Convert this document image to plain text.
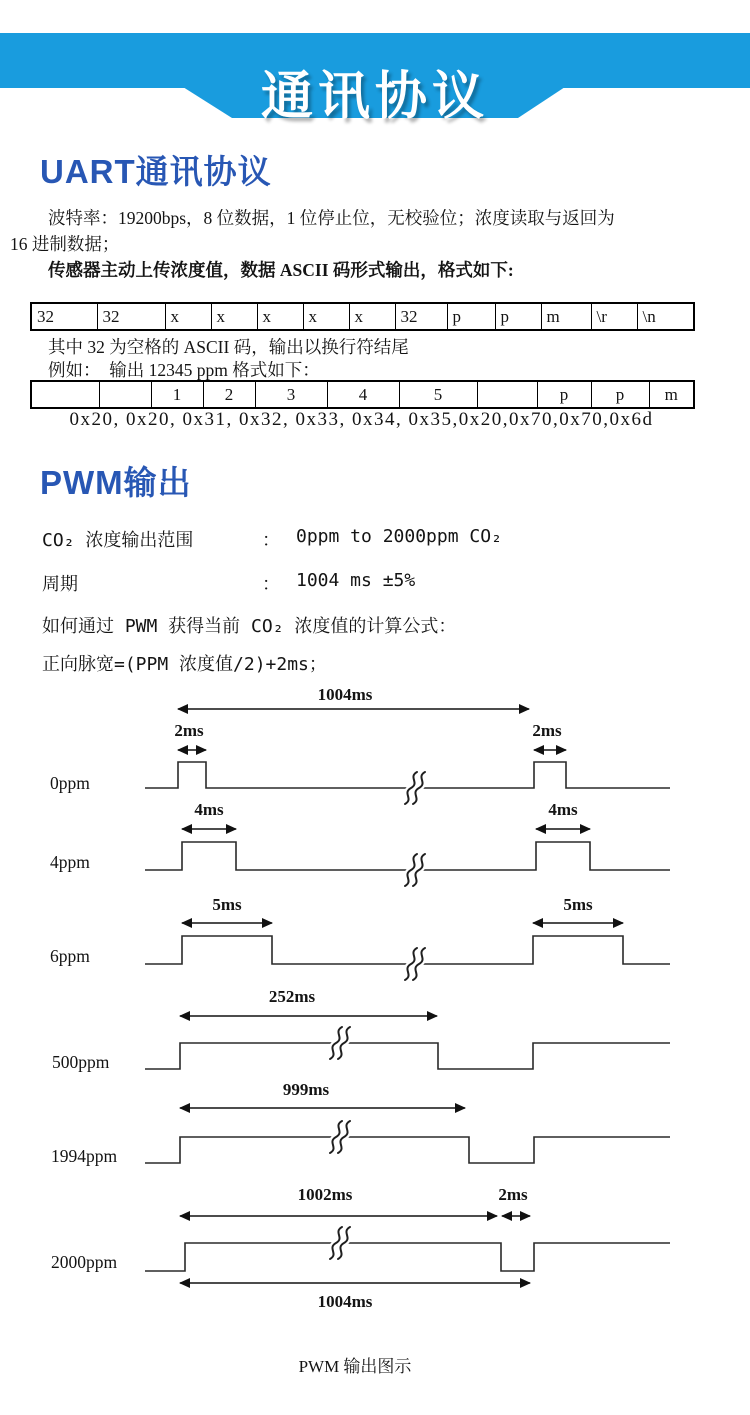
通讯协议
UART通讯协议
波特率：19200bps，8 位数据，1 位停止位，无校验位；浓度读取与返回为
16 进制数据；
传感器主动上传浓度值，数据 ASCII 码形式输出，格式如下:
32	32	x	x	x	x	x	32	p	p	m	\r	\n
其中 32 为空格的 ASCII 码，输出以换行符结尾
例如：  输出 12345 ppm 格式如下：
		1	2	3	4	5		p	p	m
0x20, 0x20, 0x31, 0x32, 0x33, 0x34, 0x35,0x20,0x70,0x70,0x6d
PWM输出
CO₂ 浓度输出范围	： 0ppm to 2000ppm CO₂
周期	： 1004 ms ±5%
如何通过 PWM 获得当前 CO₂ 浓度值的计算公式：
正向脉宽=(PPM 浓度值/2)+2ms；
1004ms
2ms	2ms
0ppm
4ms	4ms
4ppm
5ms	5ms
6ppm
252ms
500ppm
999ms
1994ppm
1002ms	2ms
2000ppm
1004ms
PWM 输出图示
